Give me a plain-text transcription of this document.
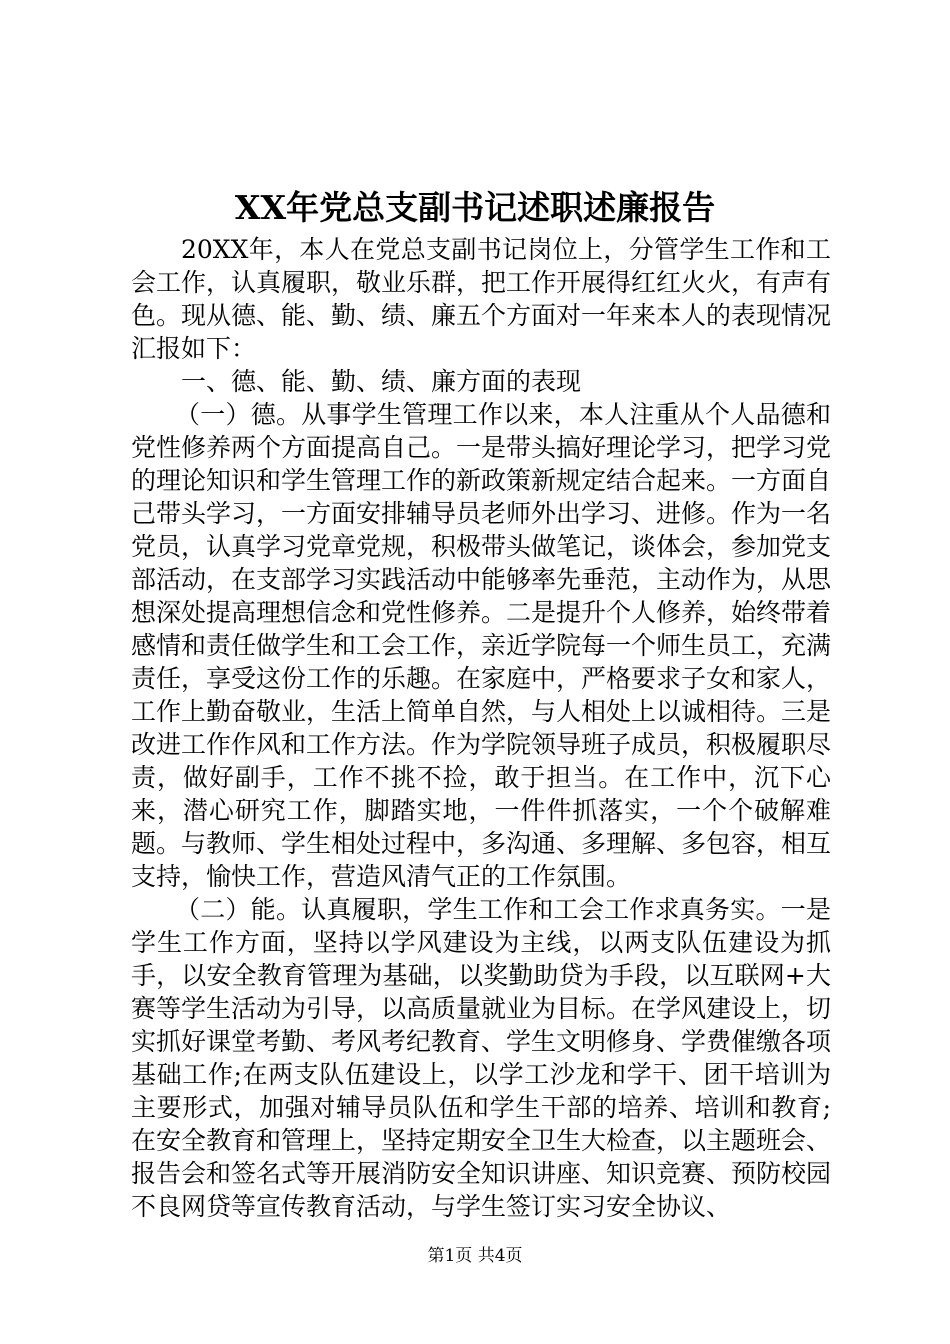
XX年党总支副书记述职述廉报告

20XX年，本人在党总支副书记岗位上，分管学生工作和工会工作，认真履职，敬业乐群，把工作开展得红红火火，有声有色。现从德、能、勤、绩、廉五个方面对一年来本人的表现情况汇报如下：

一、德、能、勤、绩、廉方面的表现

（一）德。从事学生管理工作以来，本人注重从个人品德和党性修养两个方面提高自己。一是带头搞好理论学习，把学习党的理论知识和学生管理工作的新政策新规定结合起来。一方面自己带头学习，一方面安排辅导员老师外出学习、进修。作为一名党员，认真学习党章党规，积极带头做笔记，谈体会，参加党支部活动，在支部学习实践活动中能够率先垂范，主动作为，从思想深处提高理想信念和党性修养。二是提升个人修养，始终带着感情和责任做学生和工会工作，亲近学院每一个师生员工，充满责任，享受这份工作的乐趣。在家庭中，严格要求子女和家人，工作上勤奋敬业，生活上简单自然，与人相处上以诚相待。三是改进工作作风和工作方法。作为学院领导班子成员，积极履职尽责，做好副手，工作不挑不捡，敢于担当。在工作中，沉下心来，潜心研究工作，脚踏实地，一件件抓落实，一个个破解难题。与教师、学生相处过程中，多沟通、多理解、多包容，相互支持，愉快工作，营造风清气正的工作氛围。

（二）能。认真履职，学生工作和工会工作求真务实。一是学生工作方面，坚持以学风建设为主线，以两支队伍建设为抓手，以安全教育管理为基础，以奖勤助贷为手段，以互联网+大赛等学生活动为引导，以高质量就业为目标。在学风建设上，切实抓好课堂考勤、考风考纪教育、学生文明修身、学费催缴各项基础工作;在两支队伍建设上，以学工沙龙和学干、团干培训为主要形式，加强对辅导员队伍和学生干部的培养、培训和教育;在安全教育和管理上，坚持定期安全卫生大检查，以主题班会、报告会和签名式等开展消防安全知识讲座、知识竞赛、预防校园不良网贷等宣传教育活动，与学生签订实习安全协议、

第1页 共4页
